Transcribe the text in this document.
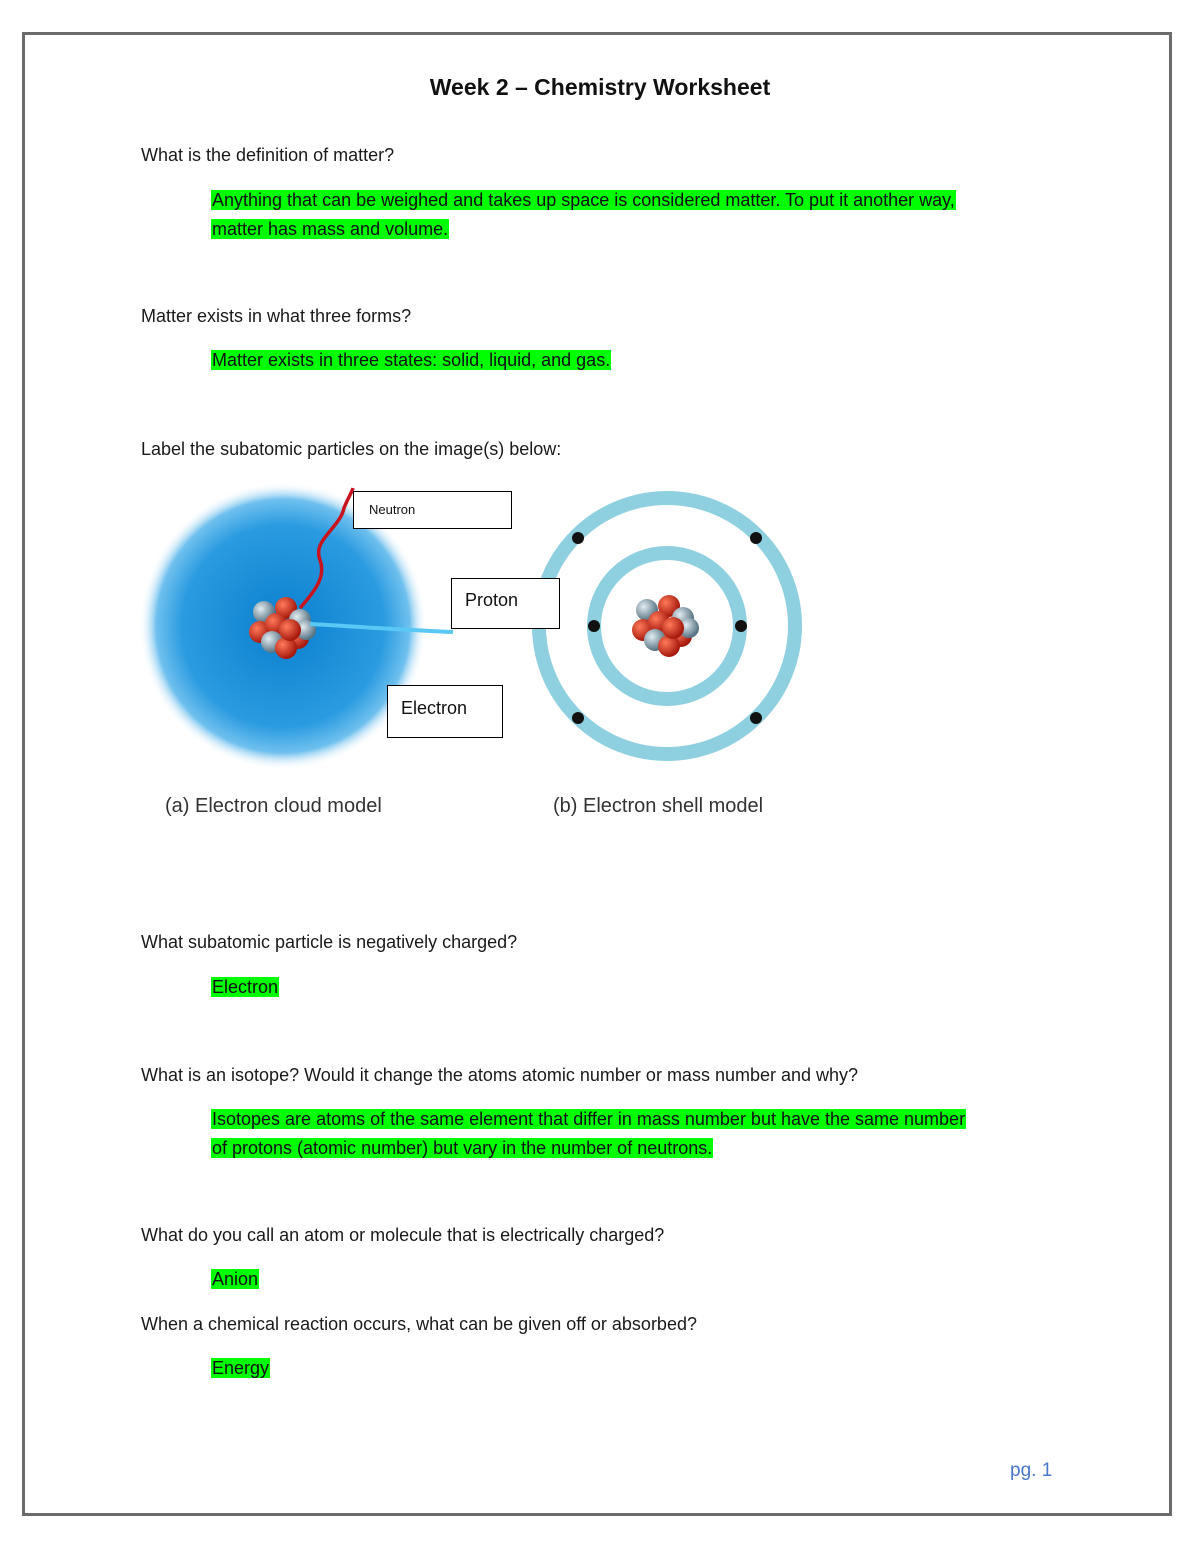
Week 2 – Chemistry Worksheet
What is the definition of matter?
Anything that can be weighed and takes up space is considered matter. To put it another way,
matter has mass and volume.
Matter exists in what three forms?
Matter exists in three states: solid, liquid, and gas.
Label the subatomic particles on the image(s) below:
Neutron
Proton
Electron
(a) Electron cloud model	(b) Electron shell model
What subatomic particle is negatively charged?
Electron
What is an isotope? Would it change the atoms atomic number or mass number and why?
Isotopes are atoms of the same element that differ in mass number but have the same number
of protons (atomic number) but vary in the number of neutrons.
What do you call an atom or molecule that is electrically charged?
Anion
When a chemical reaction occurs, what can be given off or absorbed?
Energy
pg. 1
